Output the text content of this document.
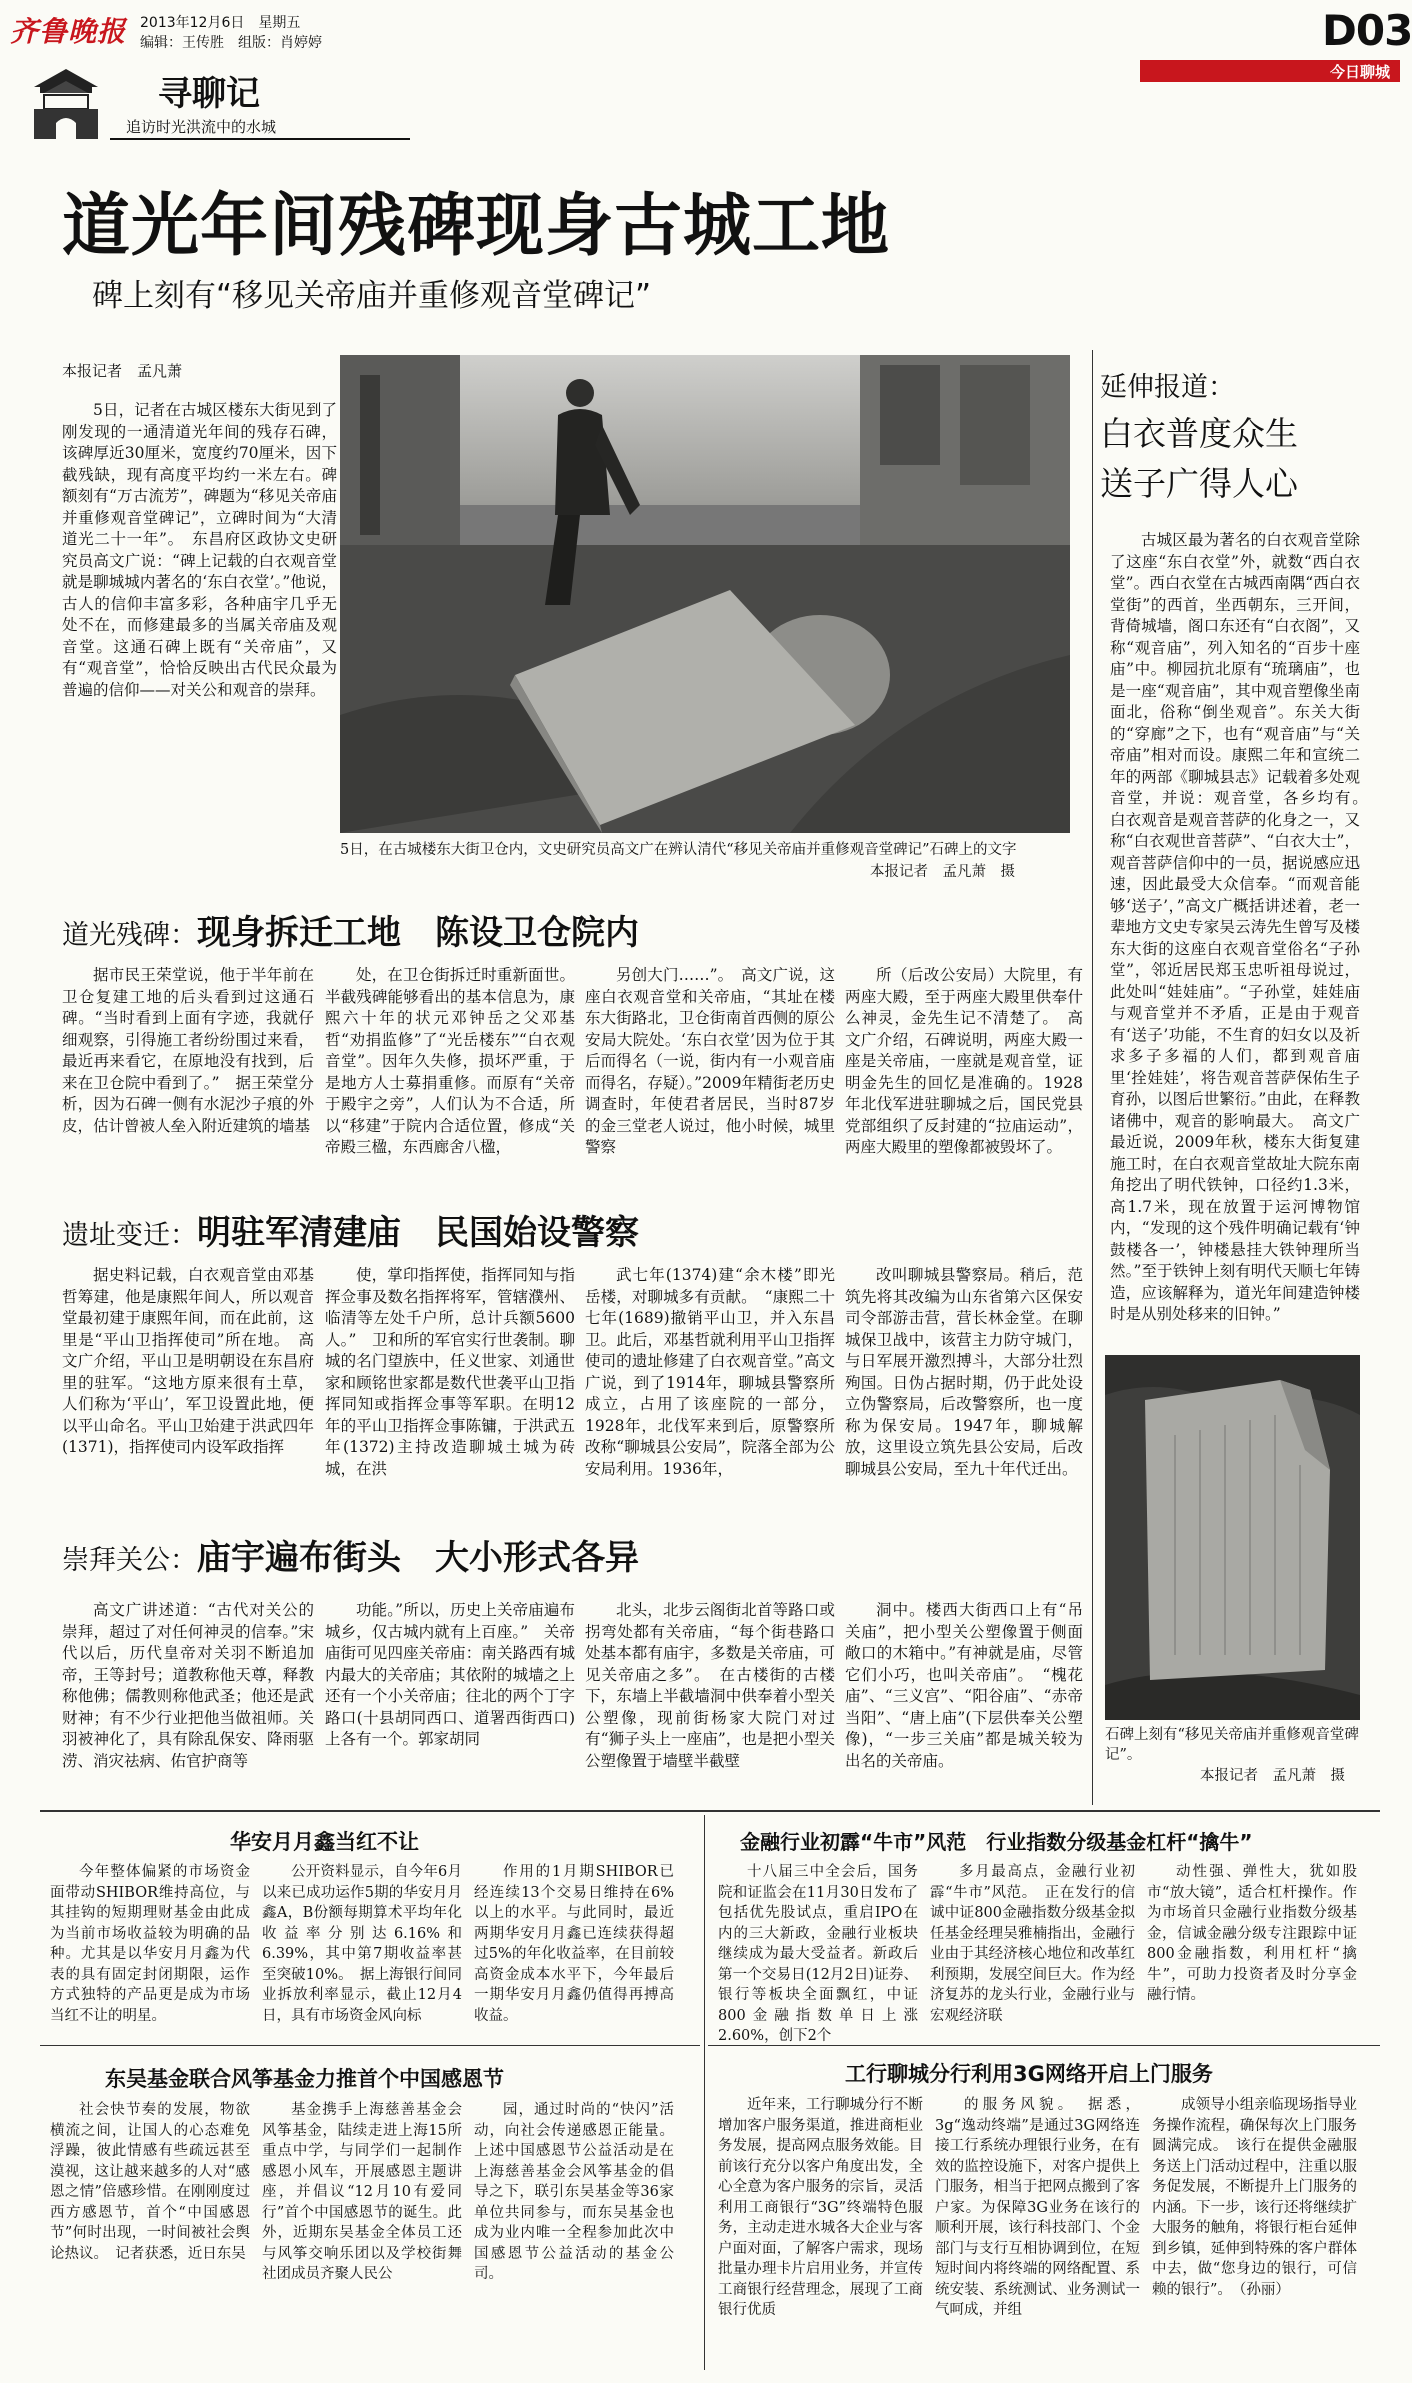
齐鲁晚报 2013年12月6日　星期五
编辑：王传胜　组版：肖婷婷	D03
今日聊城
寻聊记
追访时光洪流中的水城
道光年间残碑现身古城工地
碑上刻有“移见关帝庙并重修观音堂碑记”
本报记者　孟凡萧
5日，记者在古城区楼东大街见到了刚发现的一通清道光年间的残存石碑，该碑厚近30厘米，宽度约70厘米，因下截残缺，现有高度平均约一米左右。碑额刻有“万古流芳”，碑题为“移见关帝庙并重修观音堂碑记”，立碑时间为“大清道光二十一年”。　东昌府区政协文史研究员高文广说：“碑上记载的白衣观音堂就是聊城城内著名的‘东白衣堂’。”他说，古人的信仰丰富多彩，各种庙宇几乎无处不在，而修建最多的当属关帝庙及观音堂。这通石碑上既有“关帝庙”，又有“观音堂”，恰恰反映出古代民众最为普遍的信仰——对关公和观音的崇拜。
5日，在古城楼东大街卫仓内，文史研究员高文广在辨认清代“移见关帝庙并重修观音堂碑记”石碑上的文字
本报记者　孟凡萧　摄
道光残碑：现身拆迁工地　陈设卫仓院内
据市民王荣堂说，他于半年前在卫仓复建工地的后头看到过这通石碑。“当时看到上面有字迹，我就仔细观察，引得施工者纷纷围过来看，最近再来看它，在原地没有找到，后来在卫仓院中看到了。”　据王荣堂分析，因为石碑一侧有水泥沙子痕的外皮，估计曾被人垒入附近建筑的墙基
处，在卫仓街拆迁时重新面世。半截残碑能够看出的基本信息为，康熙六十年的状元邓钟岳之父邓基哲“劝捐监修”了“光岳楼东”“白衣观音堂”。因年久失修，损坏严重，于是地方人士募捐重修。而原有“关帝于殿宇之旁”，人们认为不合适，所以“移建”于院内合适位置，修成“关帝殿三楹，东西廊舍八楹，
另创大门……”。　高文广说，这座白衣观音堂和关帝庙，“其址在楼东大街路北，卫仓街南首西侧的原公安局大院处。‘东白衣堂’因为位于其后而得名（一说，街内有一小观音庙而得名，存疑）。”2009年精街老历史调查时，年使君者居民，当时87岁的金三堂老人说过，他小时候，城里警察
所（后改公安局）大院里，有两座大殿，至于两座大殿里供奉什么神灵，金先生记不清楚了。　高文广介绍，石碑说明，两座大殿一座是关帝庙，一座就是观音堂，证明金先生的回忆是准确的。1928年北伐军进驻聊城之后，国民党县党部组织了反封建的“拉庙运动”，两座大殿里的塑像都被毁坏了。
遗址变迁：明驻军清建庙　民国始设警察
据史料记载，白衣观音堂由邓基哲筹建，他是康熙年间人，所以观音堂最初建于康熙年间，而在此前，这里是“平山卫指挥使司”所在地。　高文广介绍，平山卫是明朝设在东昌府里的驻军。“这地方原来很有土草，人们称为‘平山’，军卫设置此地，便以平山命名。平山卫始建于洪武四年(1371)，指挥使司内设军政指挥
使，掌印指挥使，指挥同知与指挥佥事及数名指挥将军，管辖濮州、临清等左处千户所，总计兵额5600人。”　卫和所的军官实行世袭制。聊城的名门望族中，任义世家、刘通世家和顾铭世家都是数代世袭平山卫指挥同知或指挥佥事等军职。在明12年的平山卫指挥佥事陈镛，于洪武五年(1372)主持改造聊城土城为砖城，在洪
武七年(1374)建“余木楼”即光岳楼，对聊城多有贡献。　“康熙二十七年(1689)撤销平山卫，并入东昌卫。此后，邓基哲就利用平山卫指挥使司的遗址修建了白衣观音堂。”高文广说，到了1914年，聊城县警察所成立，占用了该座院的一部分，1928年，北伐军来到后，原警察所改称“聊城县公安局”，院落全部为公安局利用。1936年，
改叫聊城县警察局。稍后，范筑先将其改编为山东省第六区保安司令部游击营，营长林金堂。在聊城保卫战中，该营主力防守城门，与日军展开激烈搏斗，大部分壮烈殉国。日伪占据时期，仍于此处设立伪警察局，后改警察所，也一度称为保安局。1947年，聊城解放，这里设立筑先县公安局，后改聊城县公安局，至九十年代迁出。
崇拜关公：庙宇遍布街头　大小形式各异
高文广讲述道：“古代对关公的崇拜，超过了对任何神灵的信奉。”宋代以后，历代皇帝对关羽不断追加帝，王等封号；道教称他天尊，释教称他佛；儒教则称他武圣；他还是武财神；有不少行业把他当做祖师。关羽被神化了，具有除乱保安、降雨驱涝、消灾祛病、佑官护商等
功能。”所以，历史上关帝庙遍布城乡，仅古城内就有上百座。”　关帝庙街可见四座关帝庙：南关路西有城内最大的关帝庙；其依附的城墙之上还有一个小关帝庙；往北的两个丁字路口(十县胡同西口、道署西街西口)上各有一个。郭家胡同
北头，北步云阁街北首等路口或拐弯处都有关帝庙，“每个街巷路口处基本都有庙宇，多数是关帝庙，可见关帝庙之多”。　在古楼街的古楼下，东墙上半截墙洞中供奉着小型关公塑像，现前街杨家大院门对过有“狮子头上一座庙”，也是把小型关公塑像置于墙壁半截壁
洞中。楼西大街西口上有“吊关庙”，把小型关公塑像置于侧面敞口的木箱中。”有神就是庙，尽管它们小巧，也叫关帝庙”。　“槐花庙”、“三义宫”、“阳谷庙”、“赤帝当阳”、“唐上庙”(下层供奉关公塑像)，“一步三关庙”都是城关较为出名的关帝庙。
延伸报道：
白衣普度众生
送子广得人心
古城区最为著名的白衣观音堂除了这座“东白衣堂”外，就数“西白衣堂”。西白衣堂在古城西南隅“西白衣堂街”的西首，坐西朝东，三开间，背倚城墙，阁口东还有“白衣阁”，又称“观音庙”，列入知名的“百步十座庙”中。柳园抗北原有“琉璃庙”，也是一座“观音庙”，其中观音塑像坐南面北，俗称“倒坐观音”。东关大街的“穿廊”之下，也有“观音庙”与“关帝庙”相对而设。康熙二年和宣统二年的两部《聊城县志》记载着多处观音堂，并说：观音堂，各乡均有。　白衣观音是观音菩萨的化身之一，又称“白衣观世音菩萨”、“白衣大士”，观音菩萨信仰中的一员，据说感应迅速，因此最受大众信奉。“而观音能够‘送子’，”高文广概括讲述着，老一辈地方文史专家吴云涛先生曾写及楼东大街的这座白衣观音堂俗名“子孙堂”，邻近居民郑玉忠听祖母说过，此处叫“娃娃庙”。“子孙堂，娃娃庙与观音堂并不矛盾，正是由于观音有‘送子’功能，不生育的妇女以及祈求多子多福的人们，都到观音庙里‘拴娃娃’，将告观音菩萨保佑生子育孙，以图后世繁衍。”由此，在释教诸佛中，观音的影响最大。　高文广最近说，2009年秋，楼东大街复建施工时，在白衣观音堂故址大院东南角挖出了明代铁钟，口径约1.3米，高1.7米，现在放置于运河博物馆内，“发现的这个残件明确记载有‘钟鼓楼各一’，钟楼悬挂大铁钟理所当然。”至于铁钟上刻有明代天顺七年铸造，应该解释为，道光年间建造钟楼时是从别处移来的旧钟。”
石碑上刻有“移见关帝庙并重修观音堂碑记”。
本报记者　孟凡萧　摄
华安月月鑫当红不让
今年整体偏紧的市场资金面带动SHIBOR维持高位，与其挂钩的短期理财基金由此成为当前市场收益较为明确的品种。尤其是以华安月月鑫为代表的具有固定封闭期限，运作方式独特的产品更是成为市场当红不让的明星。
公开资料显示，自今年6月以来已成功运作5期的华安月月鑫A，B份额每期算术平均年化收益率分别达6.16%和6.39%，其中第7期收益率甚至突破10%。　据上海银行间同业拆放利率显示，截止12月4日，具有市场资金风向标
作用的1月期SHIBOR已经连续13个交易日维持在6%以上的水平。与此同时，最近两期华安月月鑫已连续获得超过5%的年化收益率，在目前较高资金成本水平下，今年最后一期华安月月鑫仍值得再搏高收益。
金融行业初霹“牛市”风范　行业指数分级基金杠杆“擒牛”
十八届三中全会后，国务院和证监会在11月30日发布了包括优先股试点，重启IPO在内的三大新政，金融行业板块继续成为最大受益者。新政后第一个交易日(12月2日)证券、银行等板块全面飘红，中证800金融指数单日上涨2.60%，创下2个
多月最高点，金融行业初霹“牛市”风范。　正在发行的信诚中证800金融指数分级基金拟任基金经理吴雅楠指出，金融行业由于其经济核心地位和改革红利预期，发展空间巨大。作为经济复苏的龙头行业，金融行业与宏观经济联
动性强、弹性大，犹如股市“放大镜”，适合杠杆操作。作为市场首只金融行业指数分级基金，信诚金融分级专注跟踪中证800金融指数，利用杠杆“擒牛”，可助力投资者及时分享金融行情。
东吴基金联合风筝基金力推首个中国感恩节
社会快节奏的发展，物欲横流之间，让国人的心态难免浮躁，彼此情感有些疏远甚至漠视，这让越来越多的人对“感恩之情”倍感珍惜。在刚刚度过西方感恩节，首个“中国感恩节”何时出现，一时间被社会舆论热议。　记者获悉，近日东吴
基金携手上海慈善基金会风筝基金，陆续走进上海15所重点中学，与同学们一起制作感恩小风车，开展感恩主题讲座，并倡议“12月10有爱同行”首个中国感恩节的诞生。此外，近期东吴基金全体员工还与风筝交响乐团以及学校街舞社团成员齐聚人民公
园，通过时尚的“快闪”活动，向社会传递感恩正能量。上述中国感恩节公益活动是在上海慈善基金会风筝基金的倡导之下，联引东吴基金等36家单位共同参与，而东吴基金也成为业内唯一全程参加此次中国感恩节公益活动的基金公司。
工行聊城分行利用3G网络开启上门服务
近年来，工行聊城分行不断增加客户服务渠道，推进商柜业务发展，提高网点服务效能。目前该行充分以客户角度出发，全心全意为客户服务的宗旨，灵活利用工商银行“3G”终端特色服务，主动走进水城各大企业与客户面对面，了解客户需求，现场批量办理卡片启用业务，并宣传工商银行经营理念，展现了工商银行优质
的服务风貌。　据悉，3g“逸动终端”是通过3G网络连接工行系统办理银行业务，在有效的监控设施下，对客户提供上门服务，相当于把网点搬到了客户家。为保障3G业务在该行的顺利开展，该行科技部门、个金部门与支行互相协调到位，在短短时间内将终端的网络配置、系统安装、系统测试、业务测试一气呵成，并组
成领导小组亲临现场指导业务操作流程，确保每次上门服务圆满完成。　该行在提供金融服务送上门活动过程中，注重以服务促发展，不断提升上门服务的内涵。下一步，该行还将继续扩大服务的触角，将银行柜台延伸到乡镇，延伸到特殊的客户群体中去，做“您身边的银行，可信赖的银行”。　（孙丽）
